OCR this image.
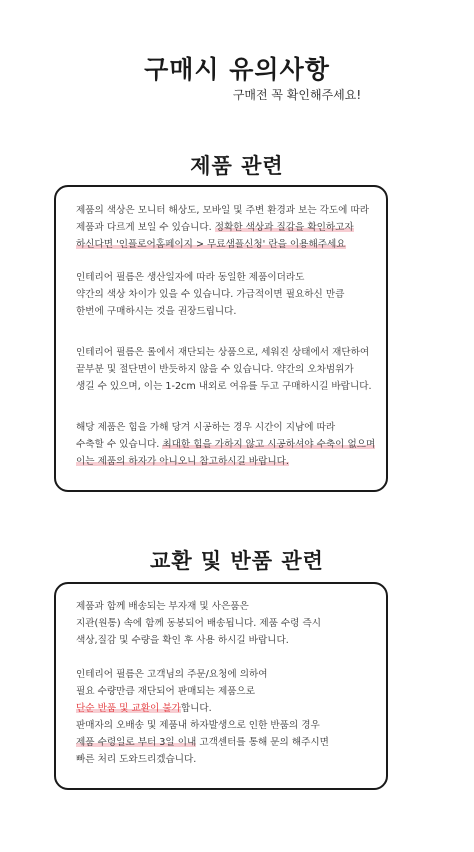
구매시 유의사항
구매전 꼭 확인해주세요!
제품 관련
제품의 색상은 모니터 해상도, 모바일 및 주변 환경과 보는 각도에 따라
제품과 다르게 보일 수 있습니다. 정확한 색상과 질감을 확인하고자
하신다면 '인플로어홈페이지 > 무료샘플신청' 란을 이용해주세요
인테리어 필름은 생산일자에 따라 동일한 제품이더라도
약간의 색상 차이가 있을 수 있습니다. 가급적이면 필요하신 만큼
한번에 구매하시는 것을 권장드립니다.
인테리어 필름은 롤에서 재단되는 상품으로, 세워진 상태에서 재단하여
끝부분 및 절단면이 반듯하지 않을 수 있습니다. 약간의 오차범위가
생길 수 있으며, 이는 1-2cm 내외로 여유를 두고 구매하시길 바랍니다.
해당 제품은 힘을 가해 당겨 시공하는 경우 시간이 지남에 따라
수축할 수 있습니다. 최대한 힘을 가하지 않고 시공하셔야 수축이 없으며
이는 제품의 하자가 아니오니 참고하시길 바랍니다.
교환 및 반품 관련
제품과 함께 배송되는 부자재 및 사은품은
지관(원통) 속에 함께 동봉되어 배송됩니다. 제품 수령 즉시
색상,질감 및 수량을 확인 후 사용 하시길 바랍니다.
인테리어 필름은 고객님의 주문/요청에 의하여
필요 수량만큼 재단되어 판매되는 제품으로
단순 반품 및 교환이 불가합니다.
판매자의 오배송 및 제품내 하자발생으로 인한 반품의 경우
제품 수령일로 부터 3일 이내 고객센터를 통해 문의 해주시면
빠른 처리 도와드리겠습니다.
